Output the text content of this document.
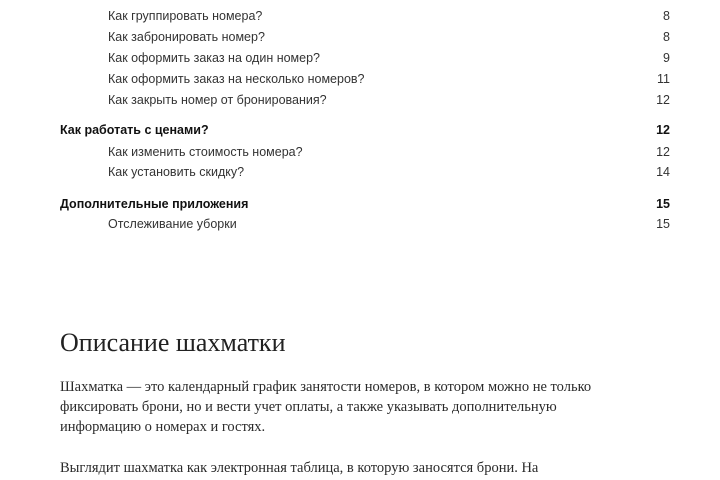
Как группировать номера?	8
Как забронировать номер?	8
Как оформить заказ на один номер?	9
Как оформить заказ на несколько номеров?	11
Как закрыть номер от бронирования?	12
Как работать с ценами?	12
Как изменить стоимость номера?	12
Как установить скидку?	14
Дополнительные приложения	15
Отслеживание уборки	15
Описание шахматки

Шахматка — это календарный график занятости номеров, в котором можно не только
фиксировать брони, но и вести учет оплаты, а также указывать дополнительную
информацию о номерах и гостях.

Выглядит шахматка как электронная таблица, в которую заносятся брони. На
